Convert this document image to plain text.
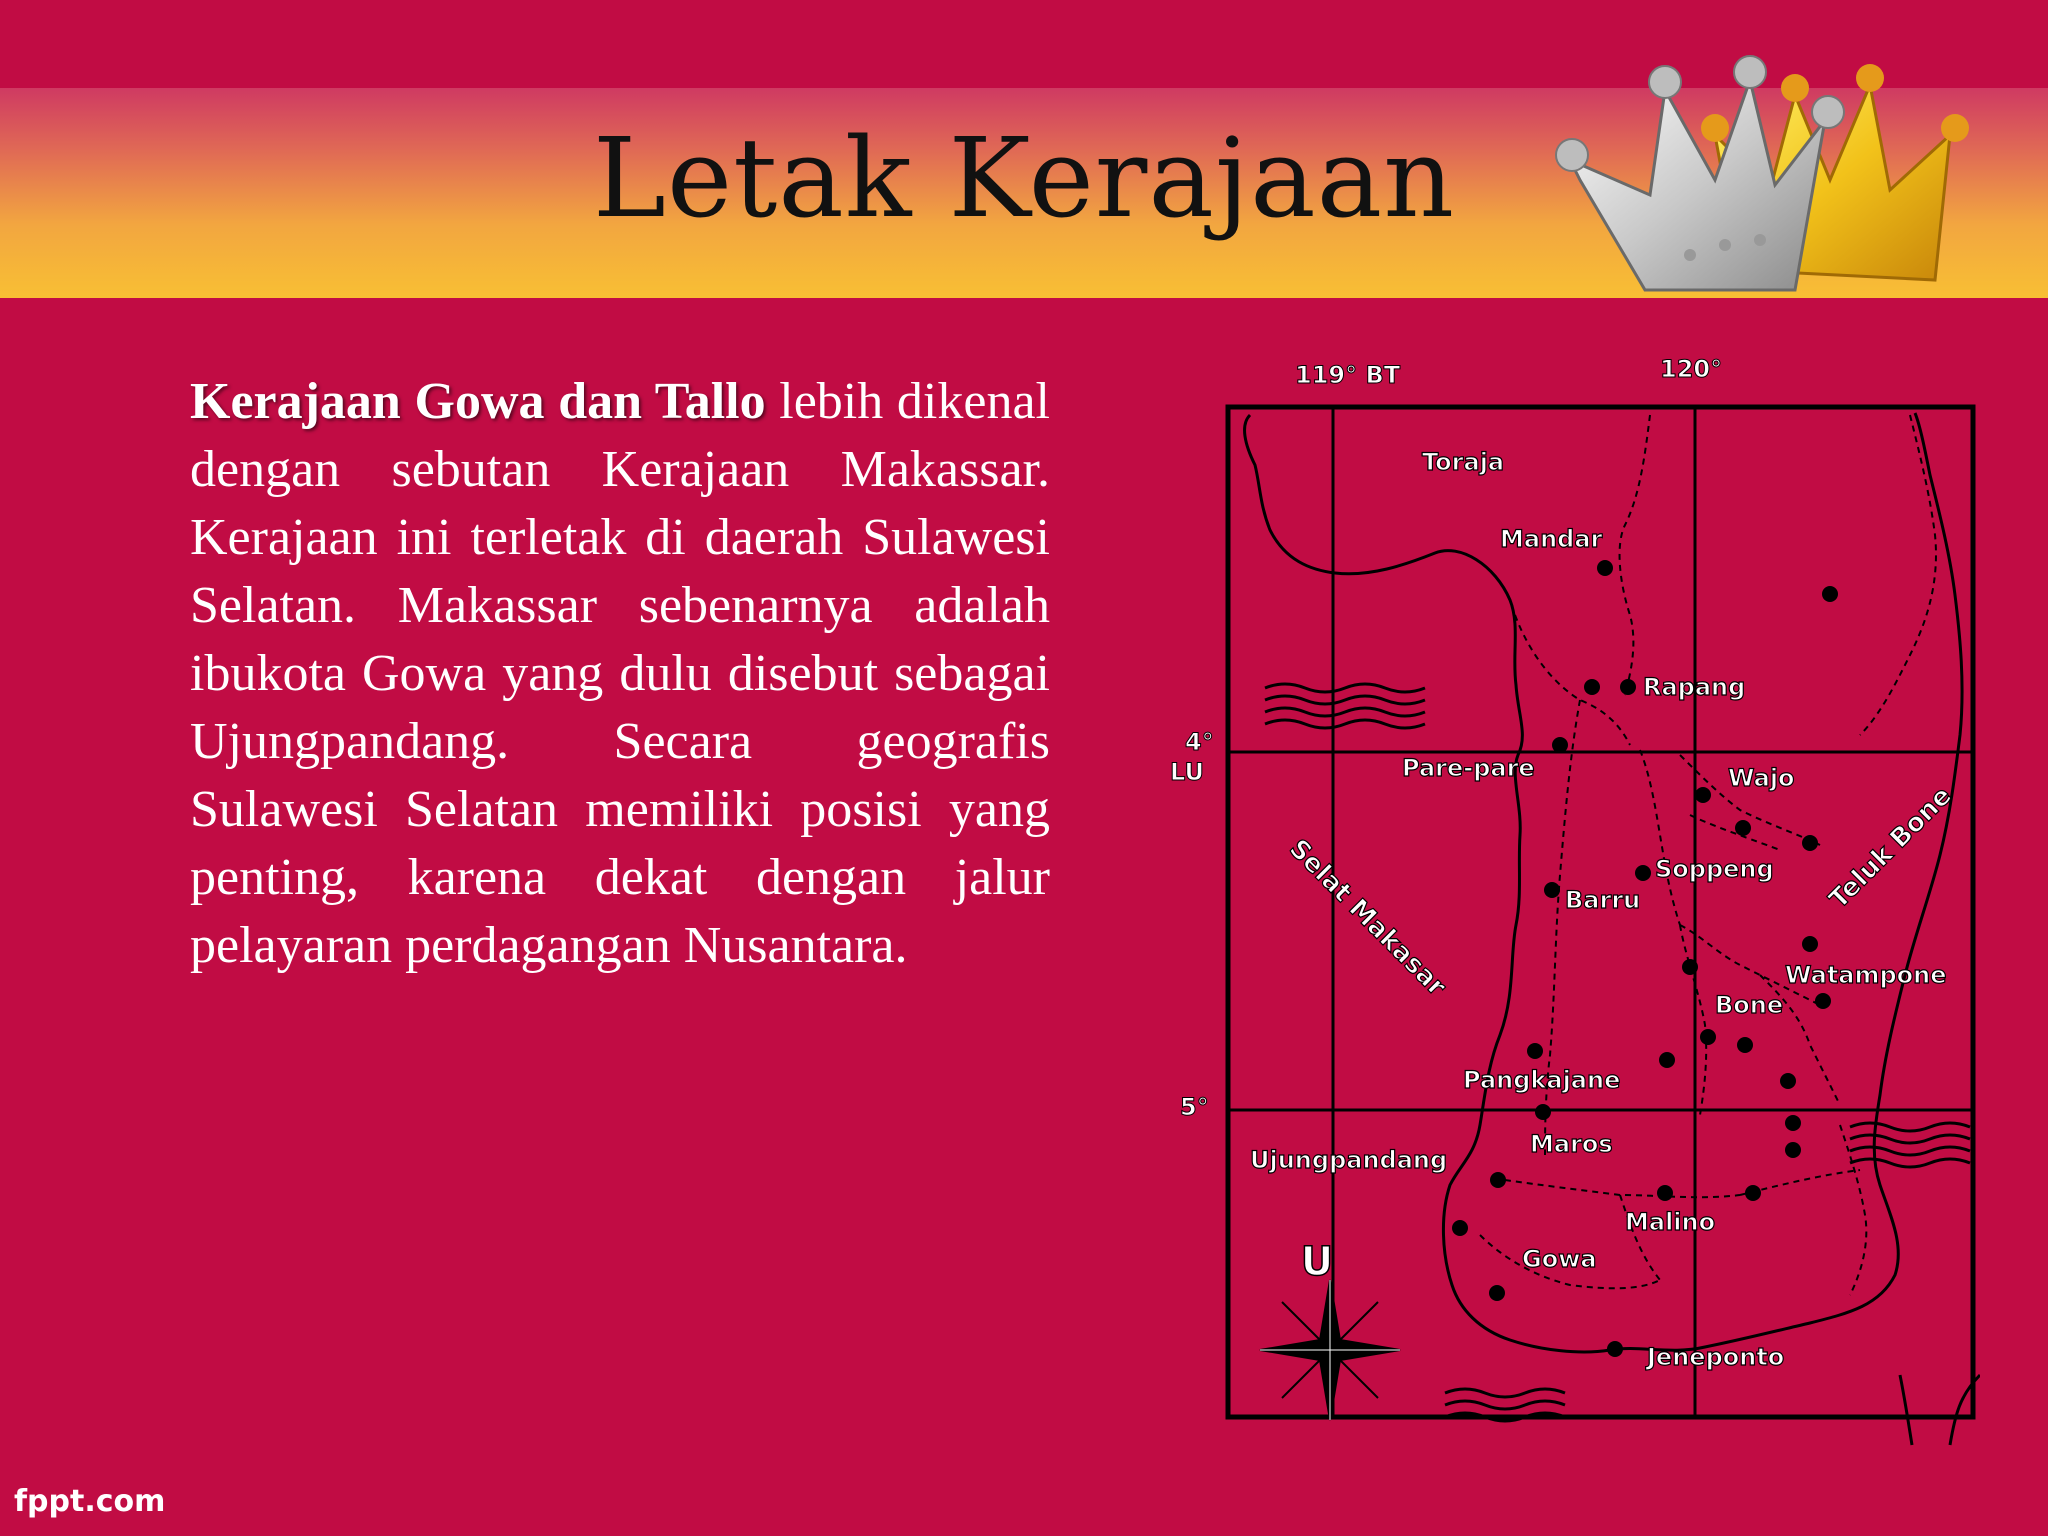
Letak Kerajaan
Kerajaan Gowa dan Tallo lebih dikenal dengan sebutan Kerajaan Makassar. Kerajaan ini terletak di daerah Sulawesi Selatan. Makassar sebenarnya adalah ibukota Gowa yang dulu disebut sebagai Ujungpandang. Secara geografis Sulawesi Selatan memiliki posisi yang penting, karena dekat dengan jalur pelayaran perdagangan Nusantara.
119° BT	120°
4°
LU
5°
Toraja
Mandar
Rapang
Pare-pare	Wajo
Soppeng
Barru
Watampone
Bone
Pangkajane
Maros
Ujungpandang
Malino
Gowa
Jeneponto
Selat Makasar	Teluk Bone
U
fppt.com
